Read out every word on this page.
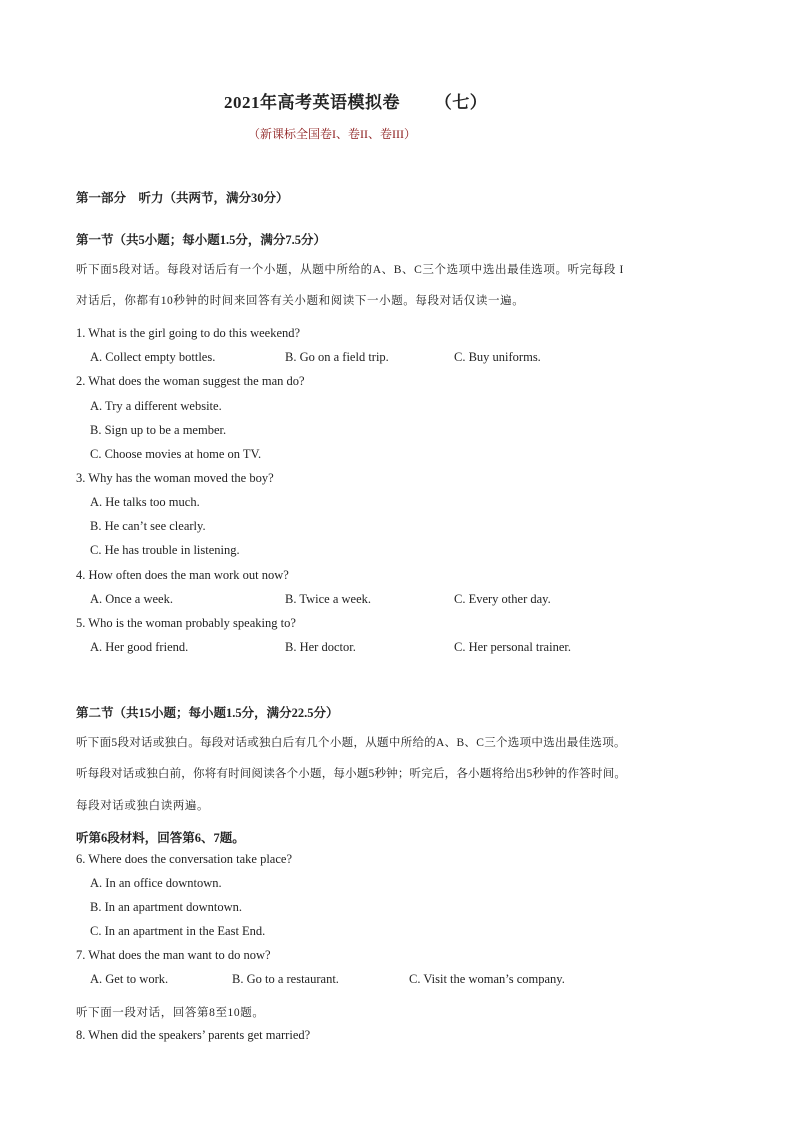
2021年高考英语模拟卷 （七）
（新课标全国卷I、卷II、卷III）
第一部分　听力（共两节，满分30分）
第一节（共5小题；每小题1.5分，满分7.5分）
听下面5段对话。每段对话后有一个小题，从题中所给的A、B、C三个选项中选出最佳选项。听完每段 I
对话后，你都有10秒钟的时间来回答有关小题和阅读下一小题。每段对话仅读一遍。
1. What is the girl going to do this weekend?
A. Collect empty bottles.	B. Go on a field trip.	C. Buy uniforms.
2. What does the woman suggest the man do?
A. Try a different website.
B. Sign up to be a member.
C. Choose movies at home on TV.
3. Why has the woman moved the boy?
A. He talks too much.
B. He can’t see clearly.
C. He has trouble in listening.
4. How often does the man work out now?
A. Once a week.	B. Twice a week.	C. Every other day.
5. Who is the woman probably speaking to?
A. Her good friend.	B. Her doctor.	C. Her personal trainer.
第二节（共15小题；每小题1.5分，满分22.5分）
听下面5段对话或独白。每段对话或独白后有几个小题，从题中所给的A、B、C三个选项中选出最佳选项。
听每段对话或独白前，你将有时间阅读各个小题，每小题5秒钟；听完后，各小题将给出5秒钟的作答时间。
每段对话或独白读两遍。
听第6段材料，回答第6、7题。
6. Where does the conversation take place?
A. In an office downtown.
B. In an apartment downtown.
C. In an apartment in the East End.
7. What does the man want to do now?
A. Get to work.	B. Go to a restaurant.	C. Visit the woman’s company.
听下面一段对话，回答第8至10题。
8. When did the speakers’ parents get married?
